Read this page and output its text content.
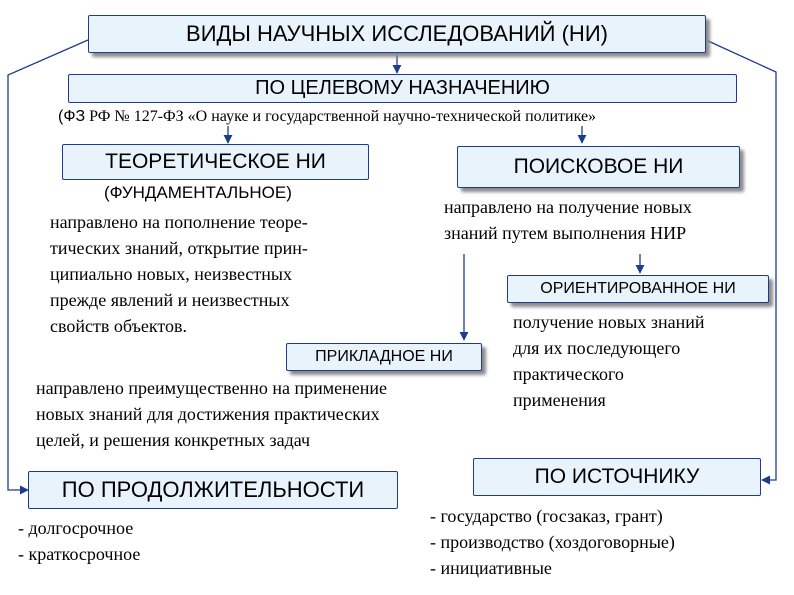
ВИДЫ НАУЧНЫХ ИССЛЕДОВАНИЙ (НИ)
ПО ЦЕЛЕВОМУ НАЗНАЧЕНИЮ
(ФЗ РФ № 127-ФЗ «О науке и государственной научно-технической политике»
ТЕОРЕТИЧЕСКОЕ НИ
(ФУНДАМЕНТАЛЬНОЕ)
направлено на пополнение теоре-
тических знаний, открытие прин-
ципиально новых, неизвестных
прежде явлений и неизвестных
свойств объектов.
ПОИСКОВОЕ НИ
направлено на получение новых
знаний путем выполнения НИР
ОРИЕНТИРОВАННОЕ НИ
получение новых знаний
для их последующего
практического
применения
ПРИКЛАДНОЕ НИ
направлено преимущественно на применение
новых знаний для достижения практических
целей, и решения конкретных задач
ПО ПРОДОЛЖИТЕЛЬНОСТИ
- долгосрочное
- краткосрочное
ПО ИСТОЧНИКУ
- государство (госзаказ, грант)
- производство (хоздоговорные)
- инициативные
